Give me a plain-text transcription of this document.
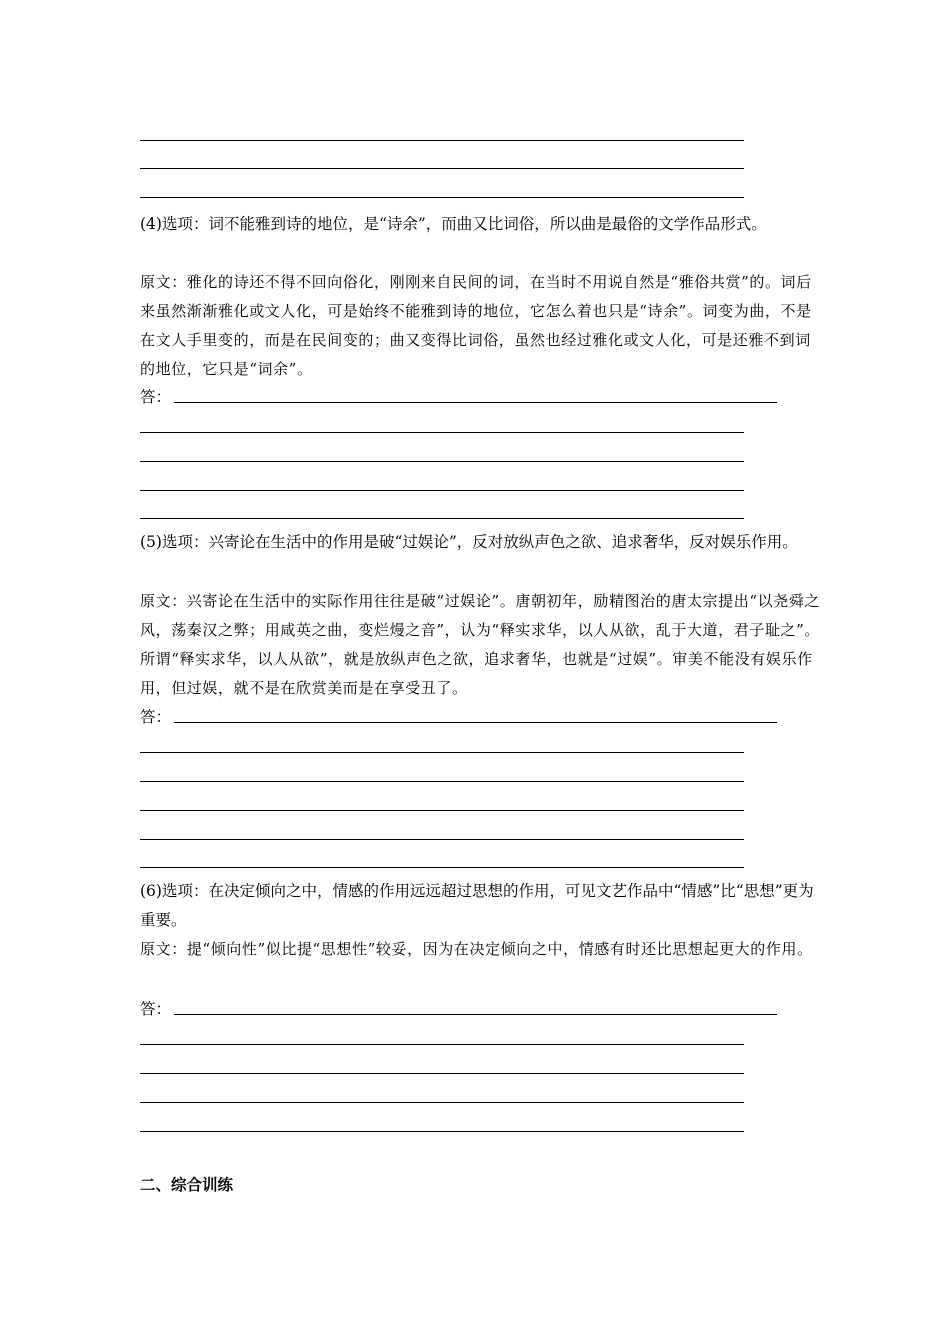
(4)选项：词不能雅到诗的地位，是“诗余”，而曲又比词俗，所以曲是最俗的文学作品形式。
原文：雅化的诗还不得不回向俗化，刚刚来自民间的词，在当时不用说自然是“雅俗共赏”的。词后来虽然渐渐雅化或文人化，可是始终不能雅到诗的地位，它怎么着也只是“诗余”。词变为曲，不是在文人手里变的，而是在民间变的；曲又变得比词俗，虽然也经过雅化或文人化，可是还雅不到词的地位，它只是“词余”。
答：
(5)选项：兴寄论在生活中的作用是破“过娱论”，反对放纵声色之欲、追求奢华，反对娱乐作用。
原文：兴寄论在生活中的实际作用往往是破“过娱论”。唐朝初年，励精图治的唐太宗提出“以尧舜之风，荡秦汉之弊；用咸英之曲，变烂熳之音”，认为“释实求华，以人从欲，乱于大道，君子耻之”。所谓“释实求华，以人从欲”，就是放纵声色之欲，追求奢华，也就是“过娱”。审美不能没有娱乐作用，但过娱，就不是在欣赏美而是在享受丑了。
答：
(6)选项：在决定倾向之中，情感的作用远远超过思想的作用，可见文艺作品中“情感”比“思想”更为重要。
原文：提“倾向性”似比提“思想性”较妥，因为在决定倾向之中，情感有时还比思想起更大的作用。
答：
二、综合训练
